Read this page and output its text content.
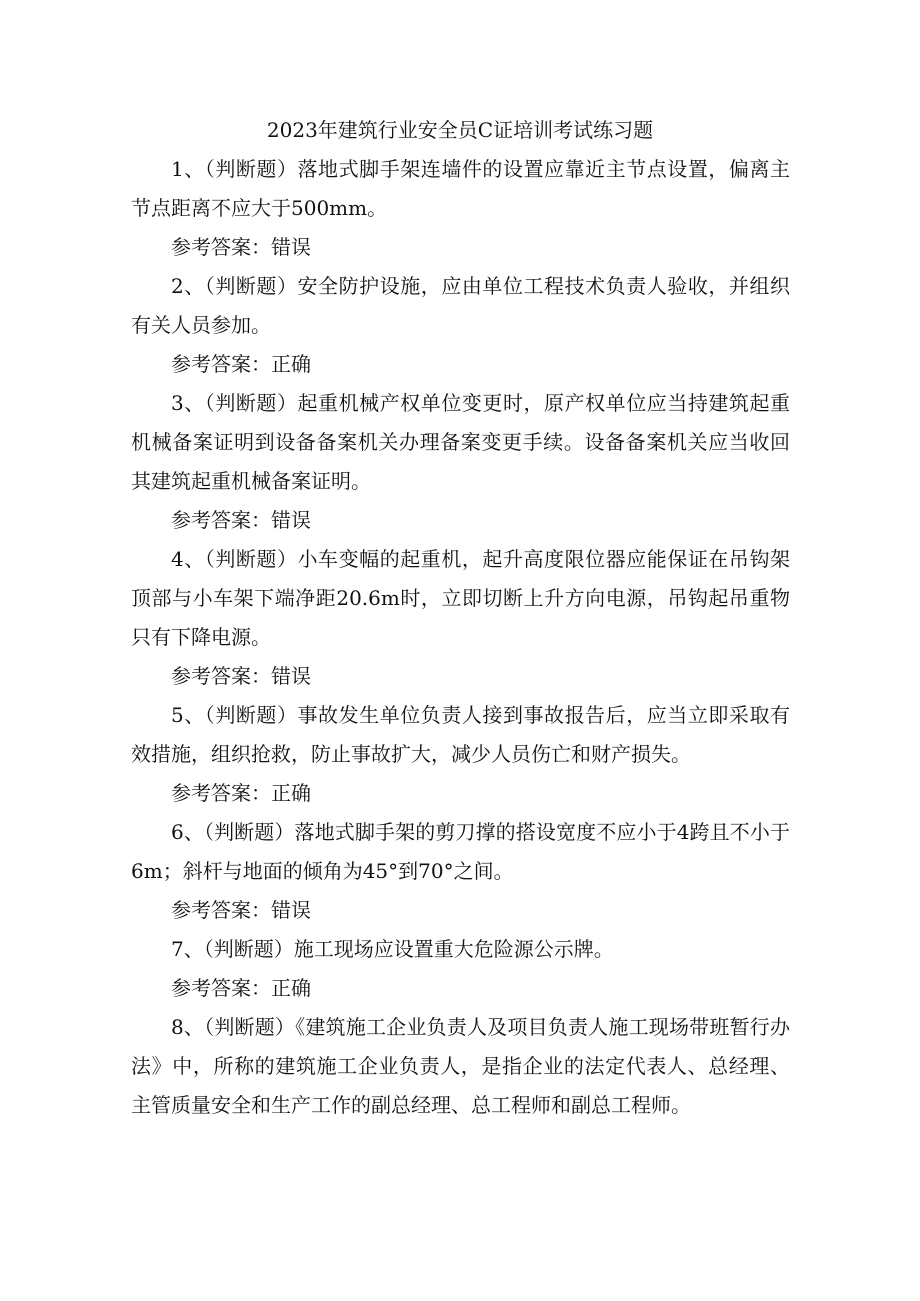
2023年建筑行业安全员C证培训考试练习题

1、（判断题）落地式脚手架连墙件的设置应靠近主节点设置，偏离主节点距离不应大于500mm。

参考答案：错误

2、（判断题）安全防护设施，应由单位工程技术负责人验收，并组织有关人员参加。

参考答案：正确

3、（判断题）起重机械产权单位变更时，原产权单位应当持建筑起重机械备案证明到设备备案机关办理备案变更手续。设备备案机关应当收回其建筑起重机械备案证明。

参考答案：错误

4、（判断题）小车变幅的起重机，起升高度限位器应能保证在吊钩架顶部与小车架下端净距20.6m时，立即切断上升方向电源，吊钩起吊重物只有下降电源。

参考答案：错误

5、（判断题）事故发生单位负责人接到事故报告后，应当立即采取有效措施，组织抢救，防止事故扩大，减少人员伤亡和财产损失。

参考答案：正确

6、（判断题）落地式脚手架的剪刀撑的搭设宽度不应小于4跨且不小于6m；斜杆与地面的倾角为45°到70°之间。

参考答案：错误

7、（判断题）施工现场应设置重大危险源公示牌。

参考答案：正确

8、（判断题）《建筑施工企业负责人及项目负责人施工现场带班暂行办法》中，所称的建筑施工企业负责人，是指企业的法定代表人、总经理、主管质量安全和生产工作的副总经理、总工程师和副总工程师。
